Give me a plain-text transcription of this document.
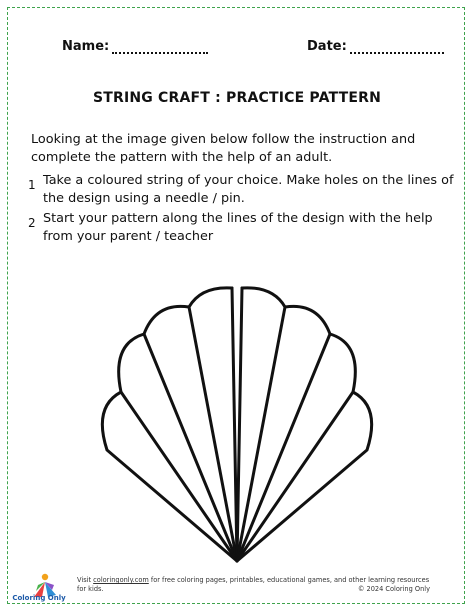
Name:	Date:
STRING CRAFT : PRACTICE PATTERN
Looking at the image given below follow the instruction and complete the pattern with the help of an adult.
1 Take a coloured string of your choice. Make holes on the lines of the design using a needle / pin.
2 Start your pattern along the lines of the design with the help from your parent / teacher
Coloring Only
Visit coloringonly.com for free coloring pages, printables, educational games, and other learning resources for kids.	© 2024 Coloring Only
